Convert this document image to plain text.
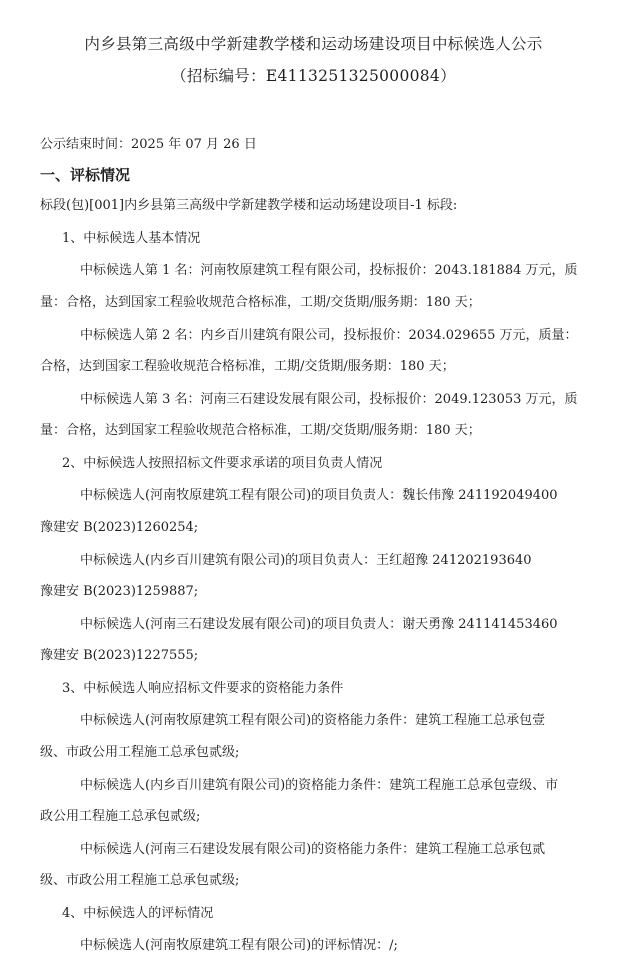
内乡县第三高级中学新建教学楼和运动场建设项目中标候选人公示
（招标编号：E4113251325000084）
公示结束时间：2025 年 07 月 26 日
一、评标情况
标段(包)[001]内乡县第三高级中学新建教学楼和运动场建设项目-1 标段:
1、中标候选人基本情况
中标候选人第 1 名：河南牧原建筑工程有限公司，投标报价：2043.181884 万元，质
量：合格，达到国家工程验收规范合格标准，工期/交货期/服务期：180 天；
中标候选人第 2 名：内乡百川建筑有限公司，投标报价：2034.029655 万元，质量：
合格，达到国家工程验收规范合格标准，工期/交货期/服务期：180 天；
中标候选人第 3 名：河南三石建设发展有限公司，投标报价：2049.123053 万元，质
量：合格，达到国家工程验收规范合格标准，工期/交货期/服务期：180 天；
2、中标候选人按照招标文件要求承诺的项目负责人情况
中标候选人(河南牧原建筑工程有限公司)的项目负责人：魏长伟豫 241192049400
豫建安 B(2023)1260254;
中标候选人(内乡百川建筑有限公司)的项目负责人：王红超豫 241202193640
豫建安 B(2023)1259887;
中标候选人(河南三石建设发展有限公司)的项目负责人：谢天勇豫 241141453460
豫建安 B(2023)1227555;
3、中标候选人响应招标文件要求的资格能力条件
中标候选人(河南牧原建筑工程有限公司)的资格能力条件：建筑工程施工总承包壹
级、市政公用工程施工总承包贰级;
中标候选人(内乡百川建筑有限公司)的资格能力条件：建筑工程施工总承包壹级、市
政公用工程施工总承包贰级;
中标候选人(河南三石建设发展有限公司)的资格能力条件：建筑工程施工总承包贰
级、市政公用工程施工总承包贰级;
4、中标候选人的评标情况
中标候选人(河南牧原建筑工程有限公司)的评标情况：/;
